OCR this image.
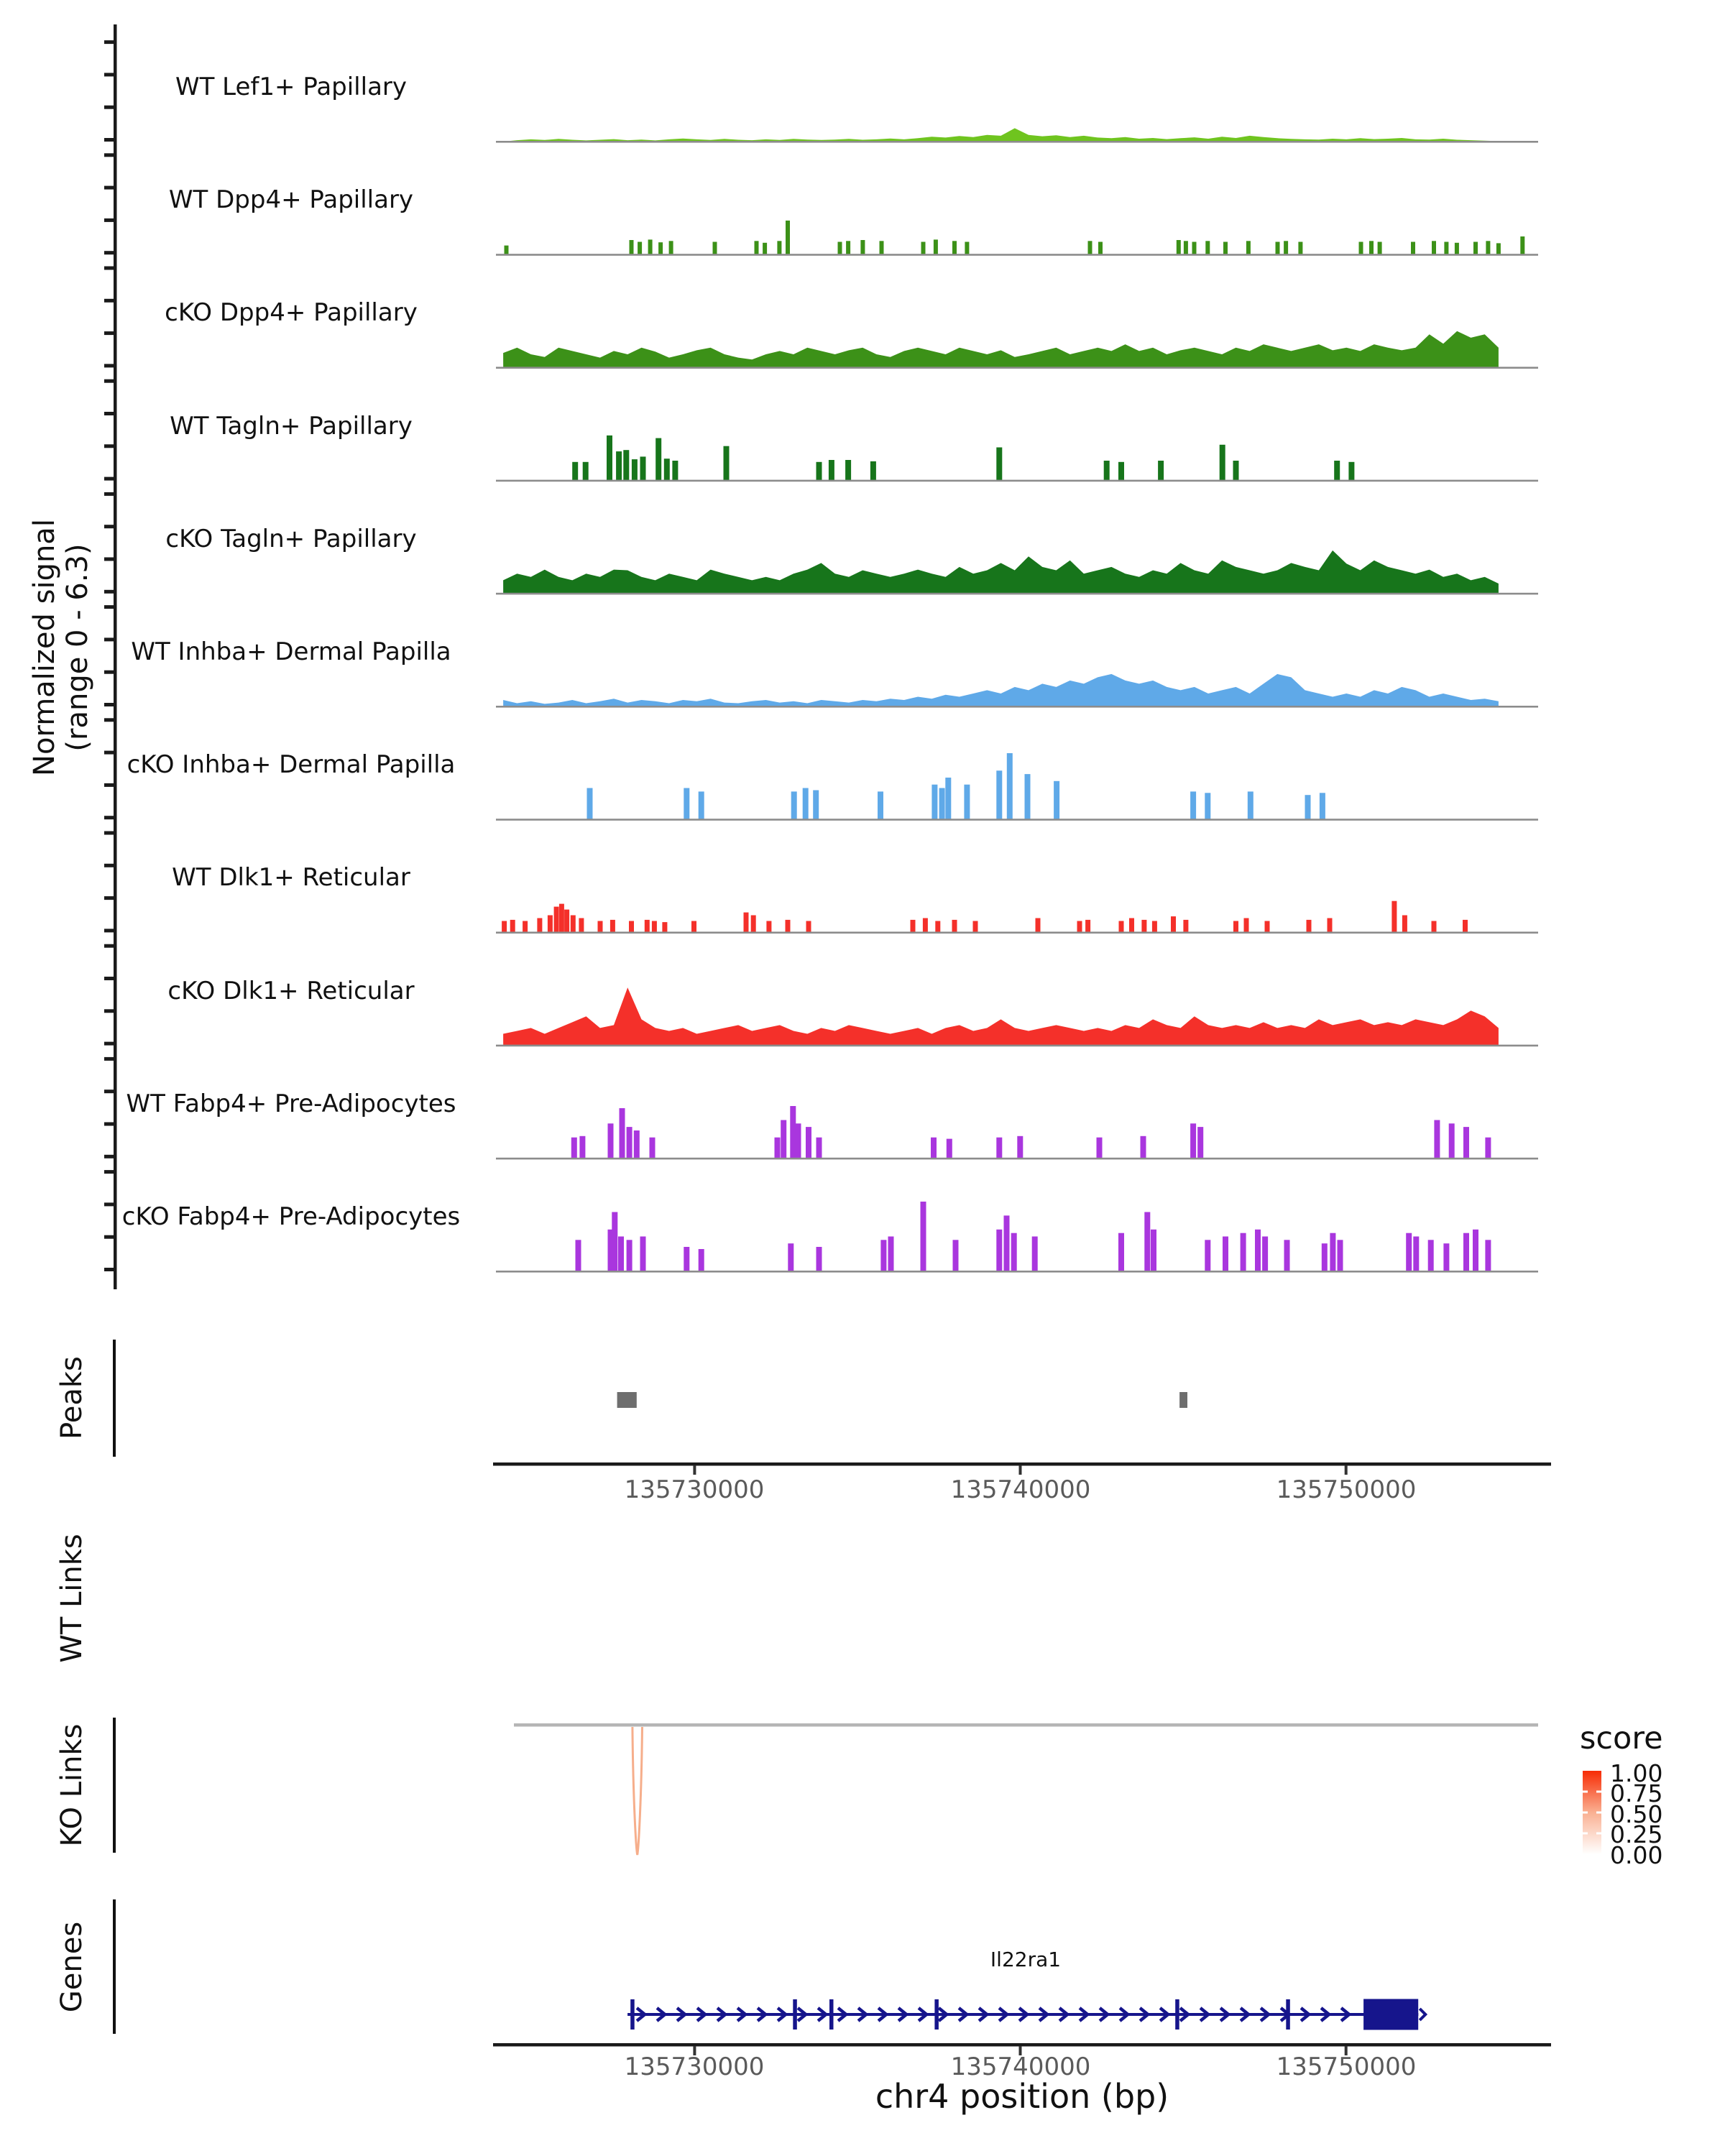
Normalized signal (range 0 - 6.3)
WT Lef1+ Papillary
WT Dpp4+ Papillary
cKO Dpp4+ Papillary
WT Tagln+ Papillary
cKO Tagln+ Papillary
WT Inhba+ Dermal Papilla
cKO Inhba+ Dermal Papilla
WT Dlk1+ Reticular
cKO Dlk1+ Reticular
WT Fabp4+ Pre-Adipocytes
cKO Fabp4+ Pre-Adipocytes
Peaks
WT Links
KO Links
Genes
135730000	135740000	135750000
135730000	135740000	135750000
chr4 position (bp)
Il22ra1
score
1.00
0.75
0.50
0.25
0.00
